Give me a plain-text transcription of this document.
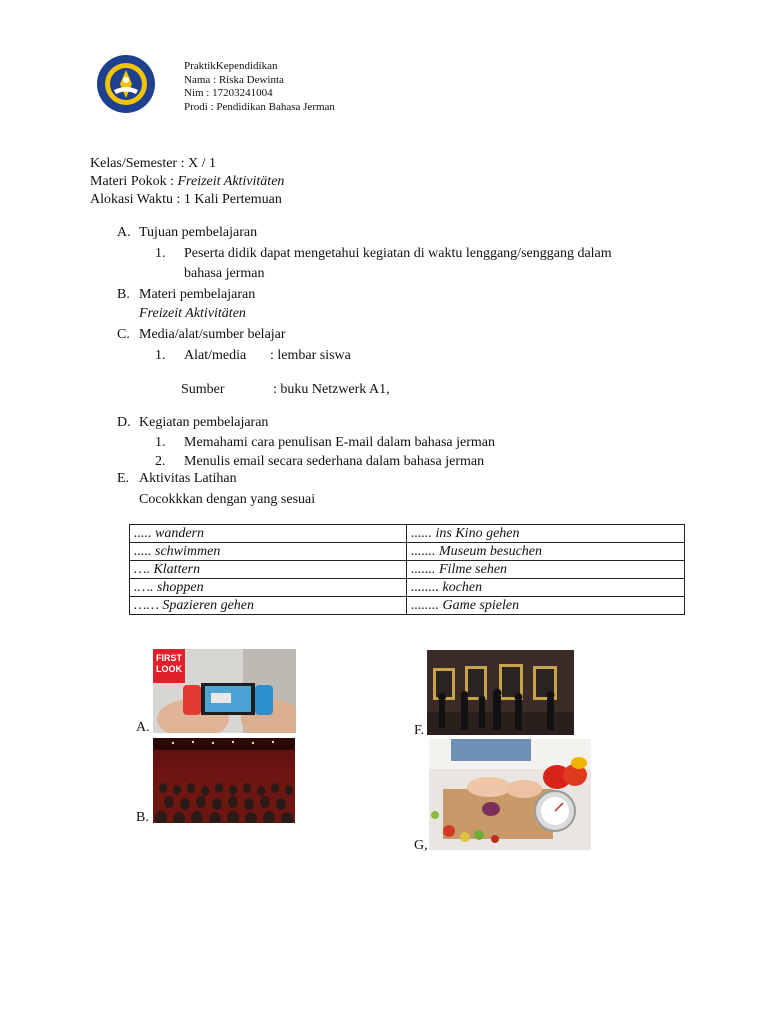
PraktikKependidikan
Nama : Riska Dewinta
Nim : 17203241004
Prodi : Pendidikan Bahasa Jerman
Kelas/Semester : X / 1
Materi Pokok : Freizeit Aktivitäten
Alokasi Waktu : 1 Kali Pertemuan
A. Tujuan pembelajaran
1. Peserta didik dapat mengetahui kegiatan di waktu lenggang/senggang dalam
bahasa jerman
B. Materi pembelajaran
Freizeit Aktivitäten
C. Media/alat/sumber belajar
1. Alat/media : lembar siswa
Sumber	: buku Netzwerk A1,
D. Kegiatan pembelajaran
1. Memahami cara penulisan E-mail dalam bahasa jerman
2. Menulis email secara sederhana dalam bahasa jerman
E. Aktivitas Latihan
Cocokkkan dengan yang sesuai
..... wandern	...... ins Kino gehen
..... schwimmen	....... Museum besuchen
…. Klattern	....... Filme sehen
.…. shoppen	........ kochen
…… Spazieren gehen	........ Game spielen
A.
FIRST
LOOK
B.
F.
G,
